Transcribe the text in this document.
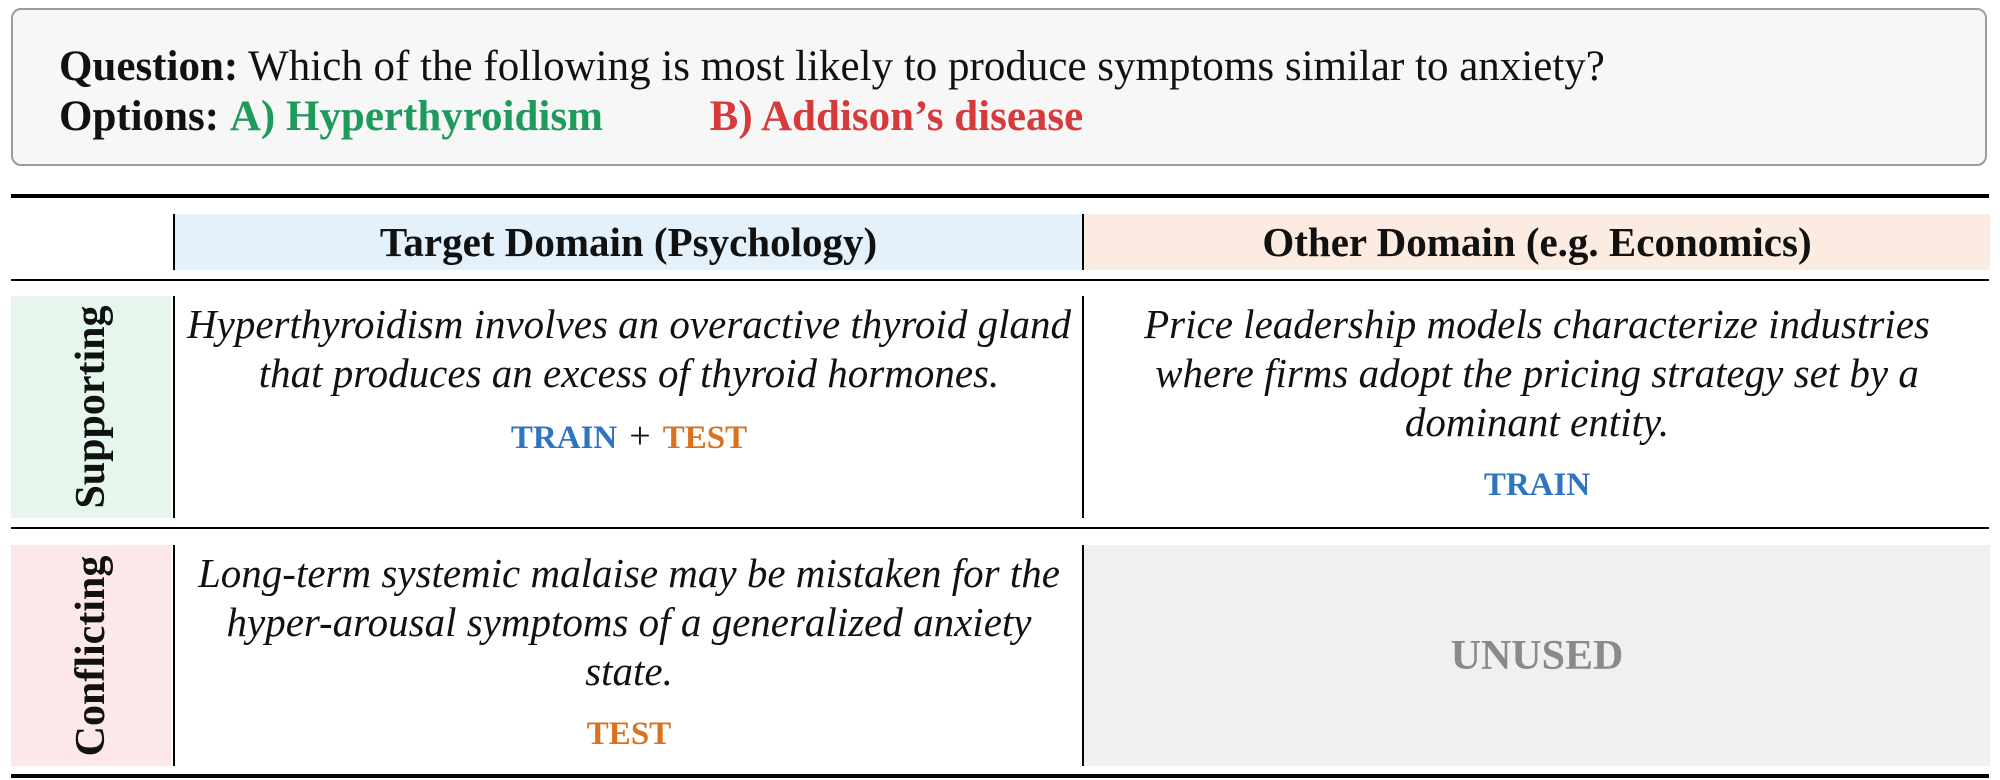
Question: Which of the following is most likely to produce symptoms similar to anxiety?
Options: A) Hyperthyroidism B) Addison’s disease
Target Domain (Psychology)	Other Domain (e.g. Economics)
Supporting
Conflicting
Hyperthyroidism involves an overactive thyroid gland that produces an excess of thyroid hormones.
TRAIN + TEST
Price leadership models characterize industries where firms adopt the pricing strategy set by a dominant entity.
TRAIN
Long-term systemic malaise may be mistaken for the hyper-arousal symptoms of a generalized anxiety state.
TEST
UNUSED
